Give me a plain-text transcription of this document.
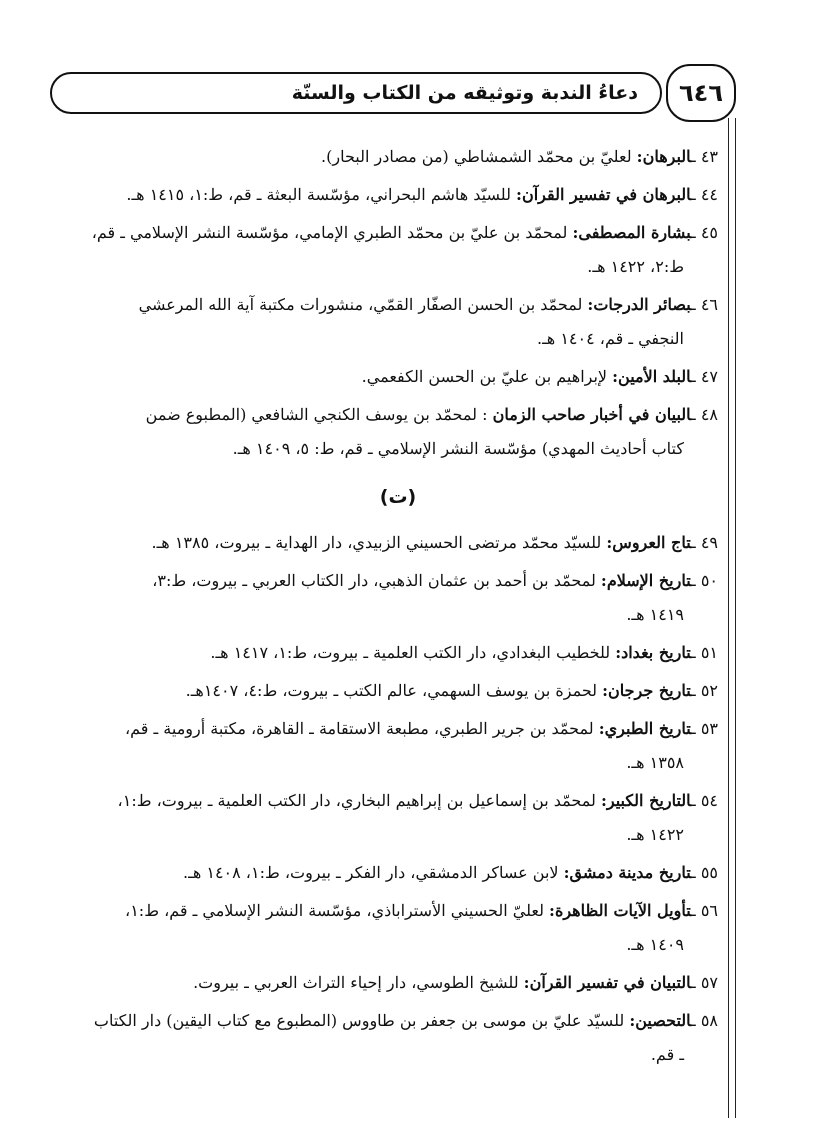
دعاءُ الندبة وتوثيقه من الكتاب والسنّة ٦٤٦
٤٣ ـالبرهان: لعليّ بن محمّد الشمشاطي (من مصادر البحار).
٤٤ ـالبرهان في تفسير القرآن: للسيّد هاشم البحراني، مؤسّسة البعثة ـ قم، ط:١، ١٤١٥ هـ.
٤٥ ـبشارة المصطفى: لمحمّد بن عليّ بن محمّد الطبري الإمامي، مؤسّسة النشر الإسلامي ـ قم،
ط:٢، ١٤٢٢ هـ.
٤٦ ـبصائر الدرجات: لمحمّد بن الحسن الصفّار القمّي، منشورات مكتبة آية الله المرعشي
النجفي ـ قم، ١٤٠٤ هـ.
٤٧ ـالبلد الأمين: لإبراهيم بن عليّ بن الحسن الكفعمي.
٤٨ ـالبيان في أخبار صاحب الزمان : لمحمّد بن يوسف الكنجي الشافعي (المطبوع ضمن
كتاب أحاديث المهدي) مؤسّسة النشر الإسلامي ـ قم، ط: ٥، ١٤٠٩ هـ.
(ت)
٤٩ ـتاج العروس: للسيّد محمّد مرتضى الحسيني الزبيدي، دار الهداية ـ بيروت، ١٣٨٥ هـ.
٥٠ ـتاريخ الإسلام: لمحمّد بن أحمد بن عثمان الذهبي، دار الكتاب العربي ـ بيروت، ط:٣،
١٤١٩ هـ.
٥١ ـتاريخ بغداد: للخطيب البغدادي، دار الكتب العلمية ـ بيروت، ط:١، ١٤١٧ هـ.
٥٢ ـتاريخ جرجان: لحمزة بن يوسف السهمي، عالم الكتب ـ بيروت، ط:٤، ١٤٠٧هـ.
٥٣ ـتاريخ الطبري: لمحمّد بن جرير الطبري، مطبعة الاستقامة ـ القاهرة، مكتبة أرومية ـ قم،
١٣٥٨ هـ.
٥٤ ـالتاريخ الكبير: لمحمّد بن إسماعيل بن إبراهيم البخاري، دار الكتب العلمية ـ بيروت، ط:١،
١٤٢٢ هـ.
٥٥ ـتاريخ مدينة دمشق: لابن عساكر الدمشقي، دار الفكر ـ بيروت، ط:١، ١٤٠٨ هـ.
٥٦ ـتأويل الآيات الظاهرة: لعليّ الحسيني الأستراباذي، مؤسّسة النشر الإسلامي ـ قم، ط:١،
١٤٠٩ هـ.
٥٧ ـالتبيان في تفسير القرآن: للشيخ الطوسي، دار إحياء التراث العربي ـ بيروت.
٥٨ ـالتحصين: للسيّد عليّ بن موسى بن جعفر بن طاووس (المطبوع مع كتاب اليقين) دار الكتاب
ـ قم.
